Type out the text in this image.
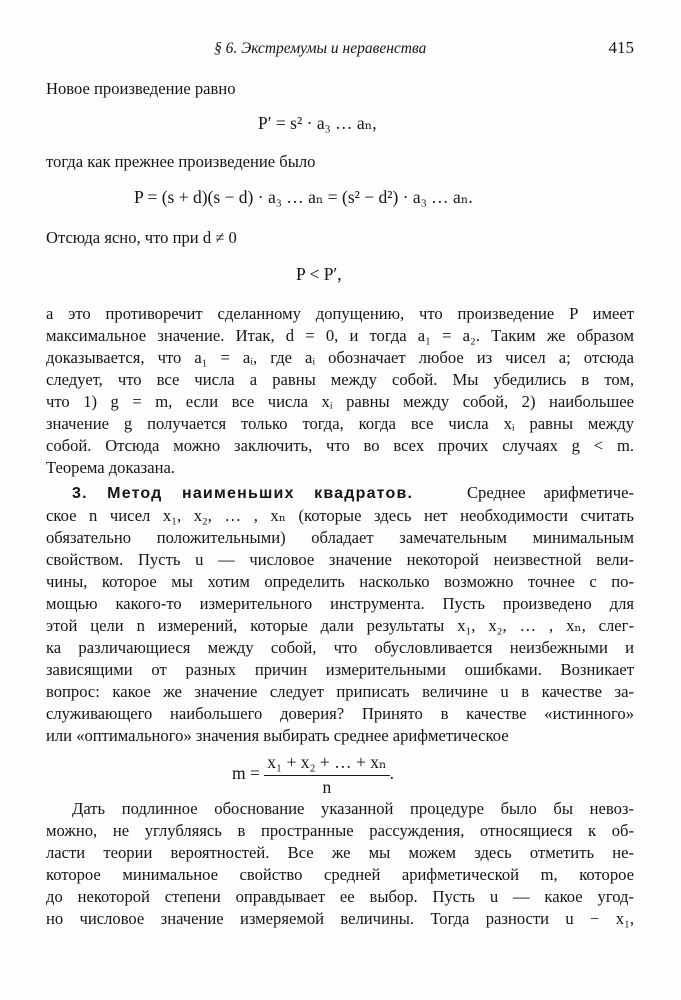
§ 6. Экстремумы и неравенства	415
Новое произведение равно
P′ = s² · a₃ … aₙ,
тогда как прежнее произведение было
P = (s + d)(s − d) · a₃ … aₙ = (s² − d²) · a₃ … aₙ.
Отсюда ясно, что при d ≠ 0
P < P′,
а это противоречит сделанному допущению, что произведение P имеет
максимальное значение. Итак, d = 0, и тогда a₁ = a₂. Таким же образом
доказывается, что a₁ = aᵢ, где aᵢ обозначает любое из чисел a; отсюда
следует, что все числа a равны между собой. Мы убедились в том,
что 1) g = m, если все числа xᵢ равны между собой, 2) наибольшее
значение g получается только тогда, когда все числа xᵢ равны между
собой. Отсюда можно заключить, что во всех прочих случаях g < m.
Теорема доказана.
3. Метод наименьших квадратов.	Среднее арифметиче-
ское n чисел x₁, x₂, … , xₙ (которые здесь нет необходимости считать
обязательно положительными) обладает замечательным минимальным
свойством. Пусть u — числовое значение некоторой неизвестной вели-
чины, которое мы хотим определить насколько возможно точнее с по-
мощью какого-то измерительного инструмента. Пусть произведено для
этой цели n измерений, которые дали результаты x₁, x₂, … , xₙ, слег-
ка различающиеся между собой, что обусловливается неизбежными и
зависящими от разных причин измерительными ошибками. Возникает
вопрос: какое же значение следует приписать величине u в качестве за-
служивающего наибольшего доверия? Принято в качестве «истинного»
или «оптимального» значения выбирать среднее арифметическое
$m = \frac{\text{x₁ + x₂ + … + xₙ}}{n}$ .
Дать подлинное обоснование указанной процедуре было бы невоз-
можно, не углубляясь в пространные рассуждения, относящиеся к об-
ласти теории вероятностей. Все же мы можем здесь отметить не-
которое минимальное свойство средней арифметической m, которое
до некоторой степени оправдывает ее выбор. Пусть u — какое угод-
но числовое значение измеряемой величины. Тогда разности u − x₁,
